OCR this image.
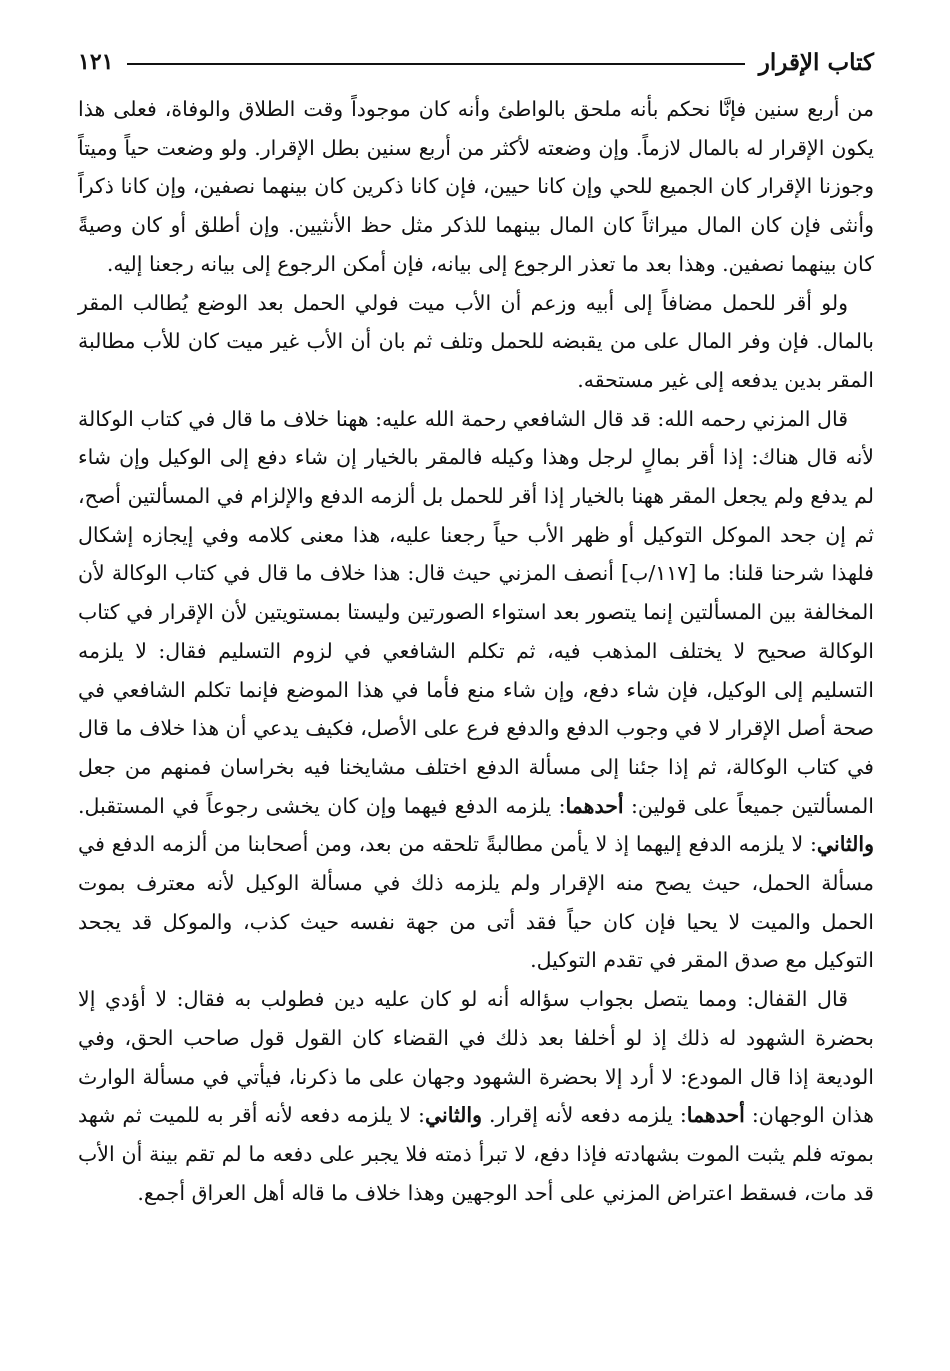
كتاب الإقرار
١٢١

من أربع سنين فإنَّا نحكم بأنه ملحق بالواطئ وأنه كان موجوداً وقت الطلاق والوفاة، فعلى هذا يكون الإقرار له بالمال لازماً. وإن وضعته لأكثر من أربع سنين بطل الإقرار. ولو وضعت حياً وميتاً وجوزنا الإقرار كان الجميع للحي وإن كانا حيين، فإن كانا ذكرين كان بينهما نصفين، وإن كانا ذكراً وأنثى فإن كان المال ميراثاً كان المال بينهما للذكر مثل حظ الأنثيين. وإن أطلق أو كان وصيةً كان بينهما نصفين. وهذا بعد ما تعذر الرجوع إلى بيانه، فإن أمكن الرجوع إلى بيانه رجعنا إليه.

ولو أقر للحمل مضافاً إلى أبيه وزعم أن الأب ميت فولي الحمل بعد الوضع يُطالب المقر بالمال. فإن وفر المال على من يقبضه للحمل وتلف ثم بان أن الأب غير ميت كان للأب مطالبة المقر بدين يدفعه إلى غير مستحقه.

قال المزني رحمه الله: قد قال الشافعي رحمة الله عليه: ههنا خلاف ما قال في كتاب الوكالة لأنه قال هناك: إذا أقر بمالٍ لرجل وهذا وكيله فالمقر بالخيار إن شاء دفع إلى الوكيل وإن شاء لم يدفع ولم يجعل المقر ههنا بالخيار إذا أقر للحمل بل ألزمه الدفع والإلزام في المسألتين أصح، ثم إن جحد الموكل التوكيل أو ظهر الأب حياً رجعنا عليه، هذا معنى كلامه وفي إيجازه إشكال فلهذا شرحنا قلنا: ما [١١٧/ب] أنصف المزني حيث قال: هذا خلاف ما قال في كتاب الوكالة لأن المخالفة بين المسألتين إنما يتصور بعد استواء الصورتين وليستا بمستويتين لأن الإقرار في كتاب الوكالة صحيح لا يختلف المذهب فيه، ثم تكلم الشافعي في لزوم التسليم فقال: لا يلزمه التسليم إلى الوكيل، فإن شاء دفع، وإن شاء منع فأما في هذا الموضع فإنما تكلم الشافعي في صحة أصل الإقرار لا في وجوب الدفع والدفع فرع على الأصل، فكيف يدعي أن هذا خلاف ما قال في كتاب الوكالة، ثم إذا جئنا إلى مسألة الدفع اختلف مشايخنا فيه بخراسان فمنهم من جعل المسألتين جميعاً على قولين: أحدهما: يلزمه الدفع فيهما وإن كان يخشى رجوعاً في المستقبل. والثاني: لا يلزمه الدفع إليهما إذ لا يأمن مطالبةً تلحقه من بعد، ومن أصحابنا من ألزمه الدفع في مسألة الحمل، حيث يصح منه الإقرار ولم يلزمه ذلك في مسألة الوكيل لأنه معترف بموت الحمل والميت لا يحيا فإن كان حياً فقد أتى من جهة نفسه حيث كذب، والموكل قد يجحد التوكيل مع صدق المقر في تقدم التوكيل.

قال القفال: ومما يتصل بجواب سؤاله أنه لو كان عليه دين فطولب به فقال: لا أؤدي إلا بحضرة الشهود له ذلك إذ لو أخلفا بعد ذلك في القضاء كان القول قول صاحب الحق، وفي الوديعة إذا قال المودع: لا أرد إلا بحضرة الشهود وجهان على ما ذكرنا، فيأتي في مسألة الوارث هذان الوجهان: أحدهما: يلزمه دفعه لأنه إقرار. والثاني: لا يلزمه دفعه لأنه أقر به للميت ثم شهد بموته فلم يثبت الموت بشهادته فإذا دفع، لا تبرأ ذمته فلا يجبر على دفعه ما لم تقم بينة أن الأب قد مات، فسقط اعتراض المزني على أحد الوجهين وهذا خلاف ما قاله أهل العراق أجمع.
